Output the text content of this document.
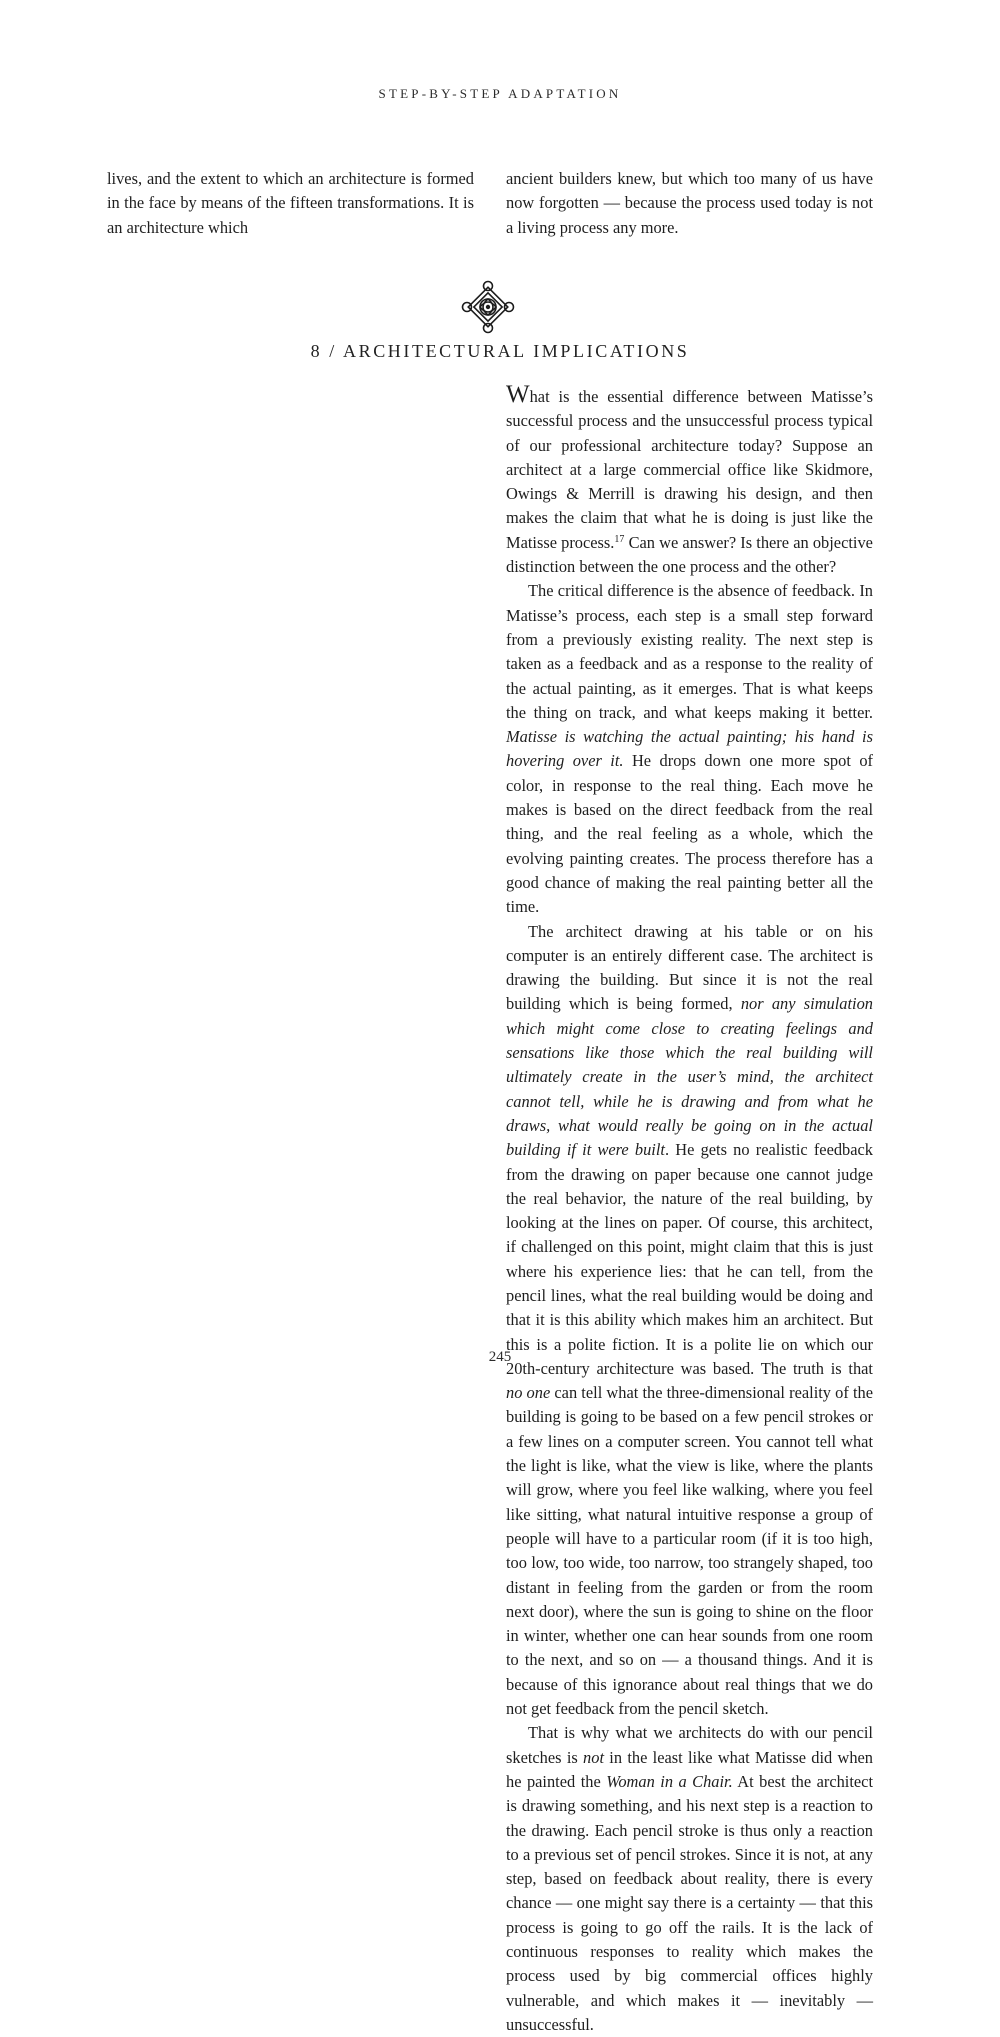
STEP-BY-STEP ADAPTATION

lives, and the extent to which an architecture is formed in the face by means of the fifteen transformations. It is an architecture which

ancient builders knew, but which too many of us have now forgotten — because the process used today is not a living process any more.

8 / ARCHITECTURAL IMPLICATIONS

What is the essential difference between Matisse’s successful process and the unsuccessful process typical of our professional architecture today? Suppose an architect at a large commercial office like Skidmore, Owings & Merrill is drawing his design, and then makes the claim that what he is doing is just like the Matisse process.$^{17}$ Can we answer? Is there an objective distinction between the one process and the other?

The critical difference is the absence of feedback. In Matisse’s process, each step is a small step forward from a previously existing reality. The next step is taken as a feedback and as a response to the reality of the actual painting, as it emerges. That is what keeps the thing on track, and what keeps making it better. Matisse is watching the actual painting; his hand is hovering over it. He drops down one more spot of color, in response to the real thing. Each move he makes is based on the direct feedback from the real thing, and the real feeling as a whole, which the evolving painting creates. The process therefore has a good chance of making the real painting better all the time.

The architect drawing at his table or on his computer is an entirely different case. The architect is drawing the building. But since it is not the real building which is being formed, nor any simulation which might come close to creating feelings and sensations like those which the real building will ultimately create in the user’s mind, the architect cannot tell, while he is drawing and from what he draws, what would really be going on in the actual building if it were built. He gets no realistic feedback from the drawing on paper because one cannot judge the real behavior, the nature of the real building, by looking at the lines on paper. Of course, this architect, if challenged on this point, might claim that this is just where his experience lies: that he can tell, from the pencil lines, what the real building would be doing and that it is this ability which makes him an architect. But this is a polite fiction. It is a polite lie on which our 20th-century architecture was based. The truth is that no one can tell what the three-dimensional reality of the building is going to be based on a few pencil strokes or a few lines on a computer screen. You cannot tell what the light is like, what the view is like, where the plants will grow, where you feel like walking, where you feel like sitting, what natural intuitive response a group of people will have to a particular room (if it is too high, too low, too wide, too narrow, too strangely shaped, too distant in feeling from the garden or from the room next door), where the sun is going to shine on the floor in winter, whether one can hear sounds from one room to the next, and so on — a thousand things. And it is because of this ignorance about real things that we do not get feedback from the pencil sketch.

That is why what we architects do with our pencil sketches is not in the least like what Matisse did when he painted the Woman in a Chair. At best the architect is drawing something, and his next step is a reaction to the drawing. Each pencil stroke is thus only a reaction to a previous set of pencil strokes. Since it is not, at any step, based on feedback about reality, there is every chance — one might say there is a certainty — that this process is going to go off the rails. It is the lack of continuous responses to reality which makes the process used by big commercial offices highly vulnerable, and which makes it — inevitably — unsuccessful.

245
